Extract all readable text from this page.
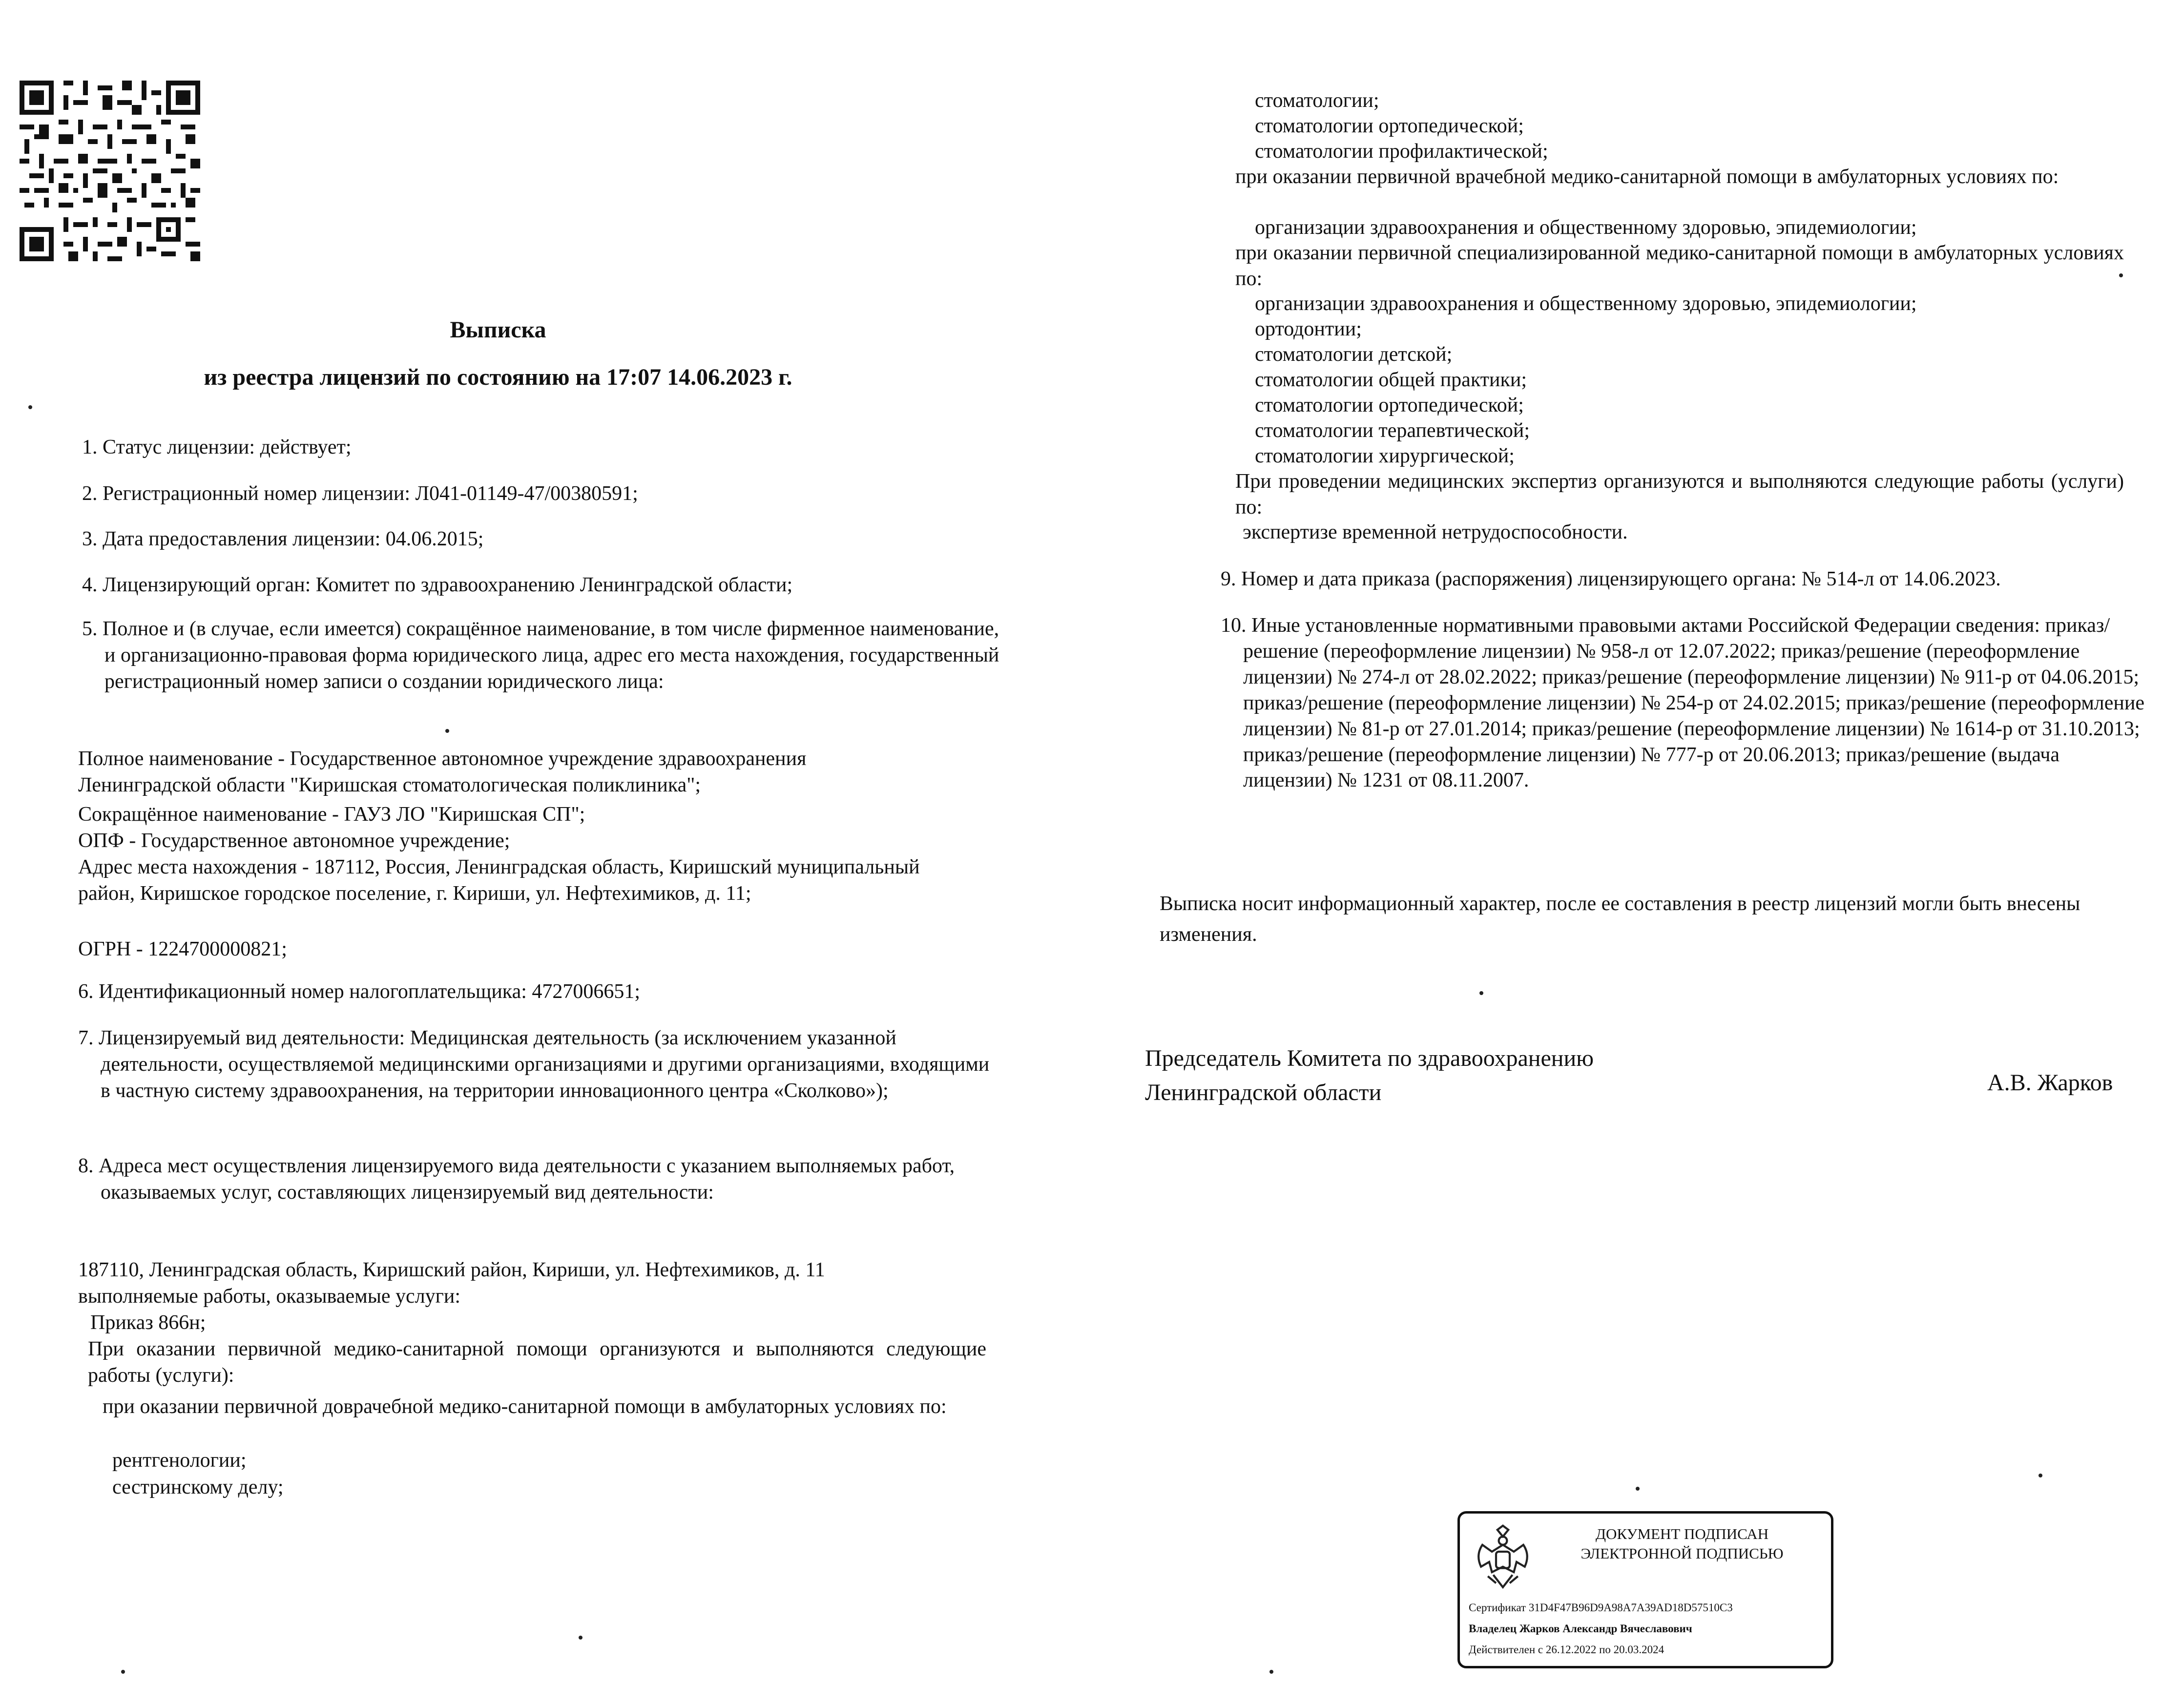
Выписка
из реестра лицензий по состоянию на 17:07 14.06.2023 г.

1. Статус лицензии: действует;

2. Регистрационный номер лицензии: Л041-01149-47/00380591;

3. Дата предоставления лицензии: 04.06.2015;

4. Лицензирующий орган: Комитет по здравоохранению Ленинградской области;

5. Полное и (в случае, если имеется) сокращённое наименование, в том числе фирменное наименование, и организационно-правовая форма юридического лица, адрес его места нахождения, государственный регистрационный номер записи о создании юридического лица:

Полное наименование - Государственное автономное учреждение здравоохранения Ленинградской области "Киришская стоматологическая поликлиника";

Сокращённое наименование - ГАУЗ ЛО "Киришская СП";

ОПФ - Государственное автономное учреждение;

Адрес места нахождения - 187112, Россия, Ленинградская область, Киришский муниципальный район, Киришское городское поселение, г. Кириши, ул. Нефтехимиков, д. 11;

ОГРН - 1224700000821;

6. Идентификационный номер налогоплательщика: 4727006651;

7. Лицензируемый вид деятельности: Медицинская деятельность (за исключением указанной деятельности, осуществляемой медицинскими организациями и другими организациями, входящими в частную систему здравоохранения, на территории инновационного центра «Сколково»);

8. Адреса мест осуществления лицензируемого вида деятельности с указанием выполняемых работ, оказываемых услуг, составляющих лицензируемый вид деятельности:

187110, Ленинградская область, Киришский район, Кириши, ул. Нефтехимиков, д. 11

выполняемые работы, оказываемые услуги:

Приказ 866н;

При оказании первичной медико-санитарной помощи организуются и выполняются следующие работы (услуги):

при оказании первичной доврачебной медико-санитарной помощи в амбулаторных условиях по:

рентгенологии;

сестринскому делу;

стоматологии;
стоматологии ортопедической;
стоматологии профилактической;
при оказании первичной врачебной медико-санитарной помощи в амбулаторных условиях по:
организации здравоохранения и общественному здоровью, эпидемиологии;
при оказании первичной специализированной медико-санитарной помощи в амбулаторных условиях по:
организации здравоохранения и общественному здоровью, эпидемиологии;
ортодонтии;
стоматологии детской;
стоматологии общей практики;
стоматологии ортопедической;
стоматологии терапевтической;
стоматологии хирургической;
При проведении медицинских экспертиз организуются и выполняются следующие работы (услуги) по:
экспертизе временной нетрудоспособности.
9. Номер и дата приказа (распоряжения) лицензирующего органа: № 514-л от 14.06.2023.
10. Иные установленные нормативными правовыми актами Российской Федерации сведения: приказ/решение (переоформление лицензии) № 958-л от 12.07.2022; приказ/решение (переоформление лицензии) № 274-л от 28.02.2022; приказ/решение (переоформление лицензии) № 911-р от 04.06.2015; приказ/решение (переоформление лицензии) № 254-р от 24.02.2015; приказ/решение (переоформление лицензии) № 81-р от 27.01.2014; приказ/решение (переоформление лицензии) № 1614-р от 31.10.2013; приказ/решение (переоформление лицензии) № 777-р от 20.06.2013; приказ/решение (выдача лицензии) № 1231 от 08.11.2007.
Выписка носит информационный характер, после ее составления в реестр лицензий могли быть внесены изменения.
Председатель Комитета по здравоохранению
Ленинградской области	А.В. Жарков
ДОКУМЕНТ ПОДПИСАН
ЭЛЕКТРОННОЙ ПОДПИСЬЮ
Сертификат 31D4F47B96D9A98A7A39AD18D57510C3
Владелец Жарков Александр Вячеславович
Действителен с 26.12.2022 по 20.03.2024
